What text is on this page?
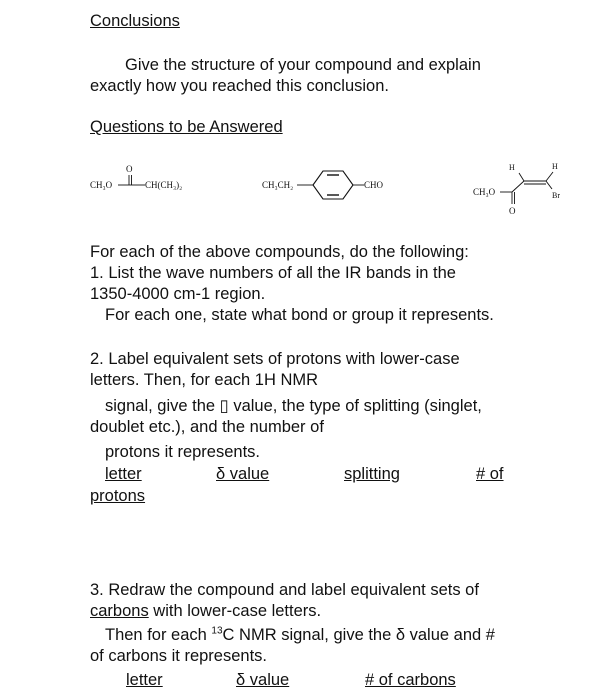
Conclusions
Give the structure of your compound and explain
exactly how you reached this conclusion.
Questions to be Answered
CH₃O
O
CH(CH₃)₂	CH₃CH₂	CHO
CH₃O
O
H	H
Br
For each of the above compounds, do the following:
1. List the wave numbers of all the IR bands in the
1350-4000 cm-1 region.
For each one, state what bond or group it represents.
2. Label equivalent sets of protons with lower-case
letters. Then, for each 1H NMR
signal, give the ▯ value, the type of splitting (singlet,
doublet etc.), and the number of
protons it represents.
letter	δ value	splitting	# of
protons
3. Redraw the compound and label equivalent sets of
carbons with lower-case letters.
Then for each $^{13}$C NMR signal, give the δ value and #
of carbons it represents.
letter	δ value	# of carbons
